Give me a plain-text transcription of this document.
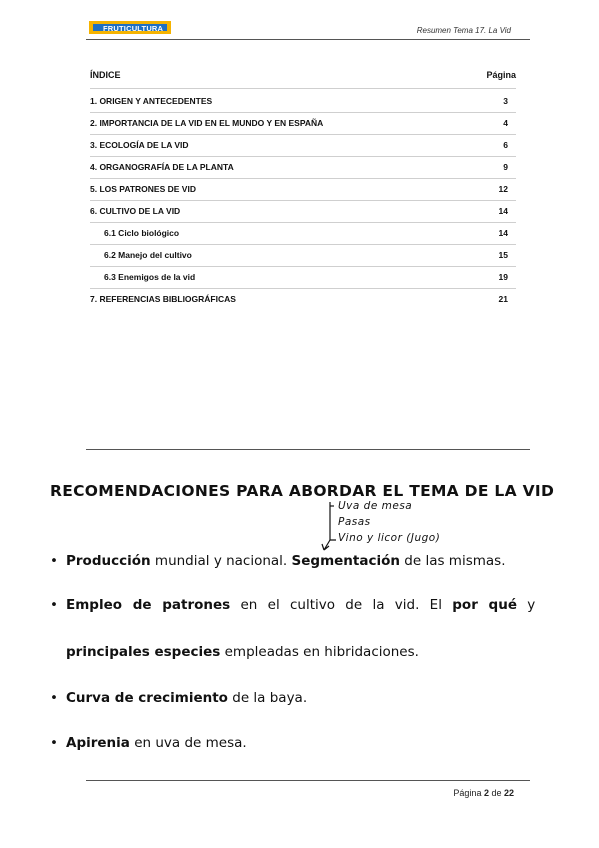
FRUTICULTURA	Resumen Tema 17. La Vid
ÍNDICE	Página
1. ORIGEN Y ANTECEDENTES	3
2. IMPORTANCIA DE LA VID EN EL MUNDO Y EN ESPAÑA	4
3. ECOLOGÍA DE LA VID	6
4. ORGANOGRAFÍA DE LA PLANTA	9
5. LOS PATRONES DE VID	12
6. CULTIVO DE LA VID	14
6.1 Ciclo biológico	14
6.2 Manejo del cultivo	15
6.3 Enemigos de la vid	19
7. REFERENCIAS BIBLIOGRÁFICAS	21
RECOMENDACIONES PARA ABORDAR EL TEMA DE LA VID
Uva de mesa
Pasas
Vino y licor (Jugo)
• Producción mundial y nacional. Segmentación de las mismas.
• Empleo de patrones en el cultivo de la vid. El por qué y
principales especies empleadas en hibridaciones.
• Curva de crecimiento de la baya.
• Apirenia en uva de mesa.
Página 2 de 22
